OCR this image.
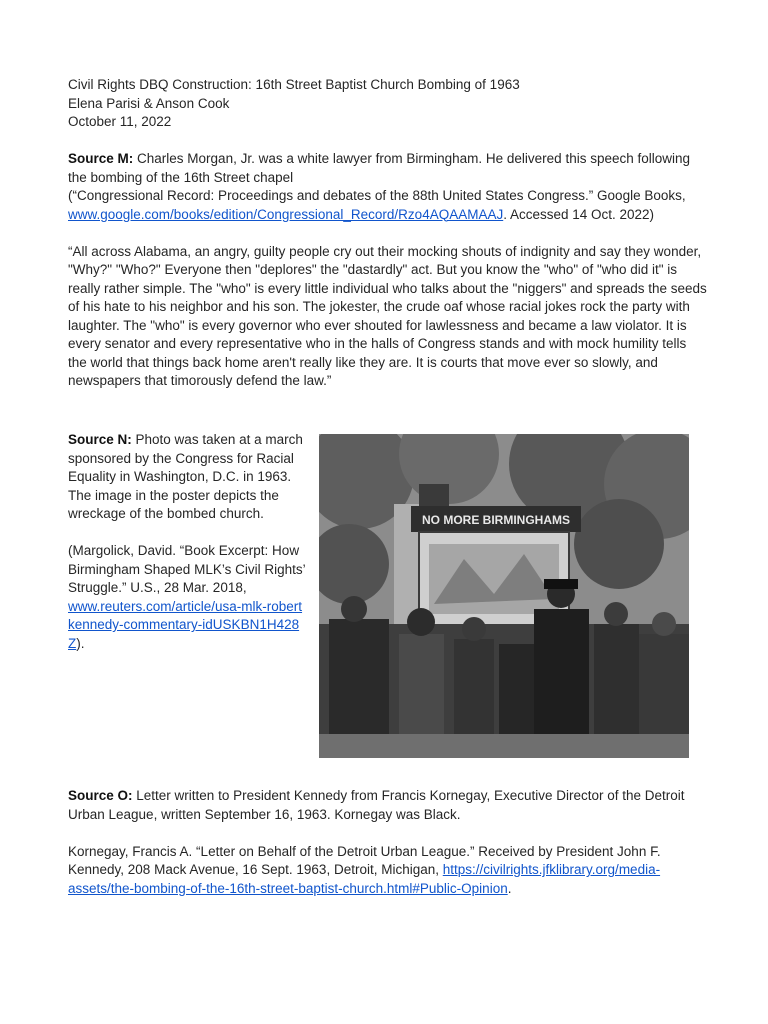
Civil Rights DBQ Construction: 16th Street Baptist Church Bombing of 1963

Elena Parisi & Anson Cook

October 11, 2022

Source M: Charles Morgan, Jr. was a white lawyer from Birmingham. He delivered this speech following the bombing of the 16th Street chapel

(“Congressional Record: Proceedings and debates of the 88th United States Congress.” Google Books, www.google.com/books/edition/Congressional_Record/Rzo4AQAAMAAJ. Accessed 14 Oct. 2022)

“All across Alabama, an angry, guilty people cry out their mocking shouts of indignity and say they wonder, "Why?" "Who?" Everyone then "deplores" the "dastardly" act. But you know the "who" of "who did it" is really rather simple. The "who" is every little individual who talks about the "niggers" and spreads the seeds of his hate to his neighbor and his son. The jokester, the crude oaf whose racial jokes rock the party with laughter. The "who" is every governor who ever shouted for lawlessness and became a law violator. It is every senator and every representative who in the halls of Congress stands and with mock humility tells the world that things back home aren't really like they are. It is courts that move ever so slowly, and newspapers that timorously defend the law.”

Source N: Photo was taken at a march sponsored by the Congress for Racial Equality in Washington, D.C. in 1963. The image in the poster depicts the wreckage of the bombed church.

(Margolick, David. “Book Excerpt: How Birmingham Shaped MLK’s Civil Rights’ Struggle.” U.S., 28 Mar. 2018, www.reuters.com/article/usa-mlk-robert kennedy-commentary-idUSKBN1H428 Z).

NO MORE BIRMINGHAMS

Source O: Letter written to President Kennedy from Francis Kornegay, Executive Director of the Detroit Urban League, written September 16, 1963. Kornegay was Black.

Kornegay, Francis A. “Letter on Behalf of the Detroit Urban League.” Received by President John F. Kennedy, 208 Mack Avenue, 16 Sept. 1963, Detroit, Michigan, https://civilrights.jfklibrary.org/media-assets/the-bombing-of-the-16th-street-baptist-church.html#Public-Opinion.
